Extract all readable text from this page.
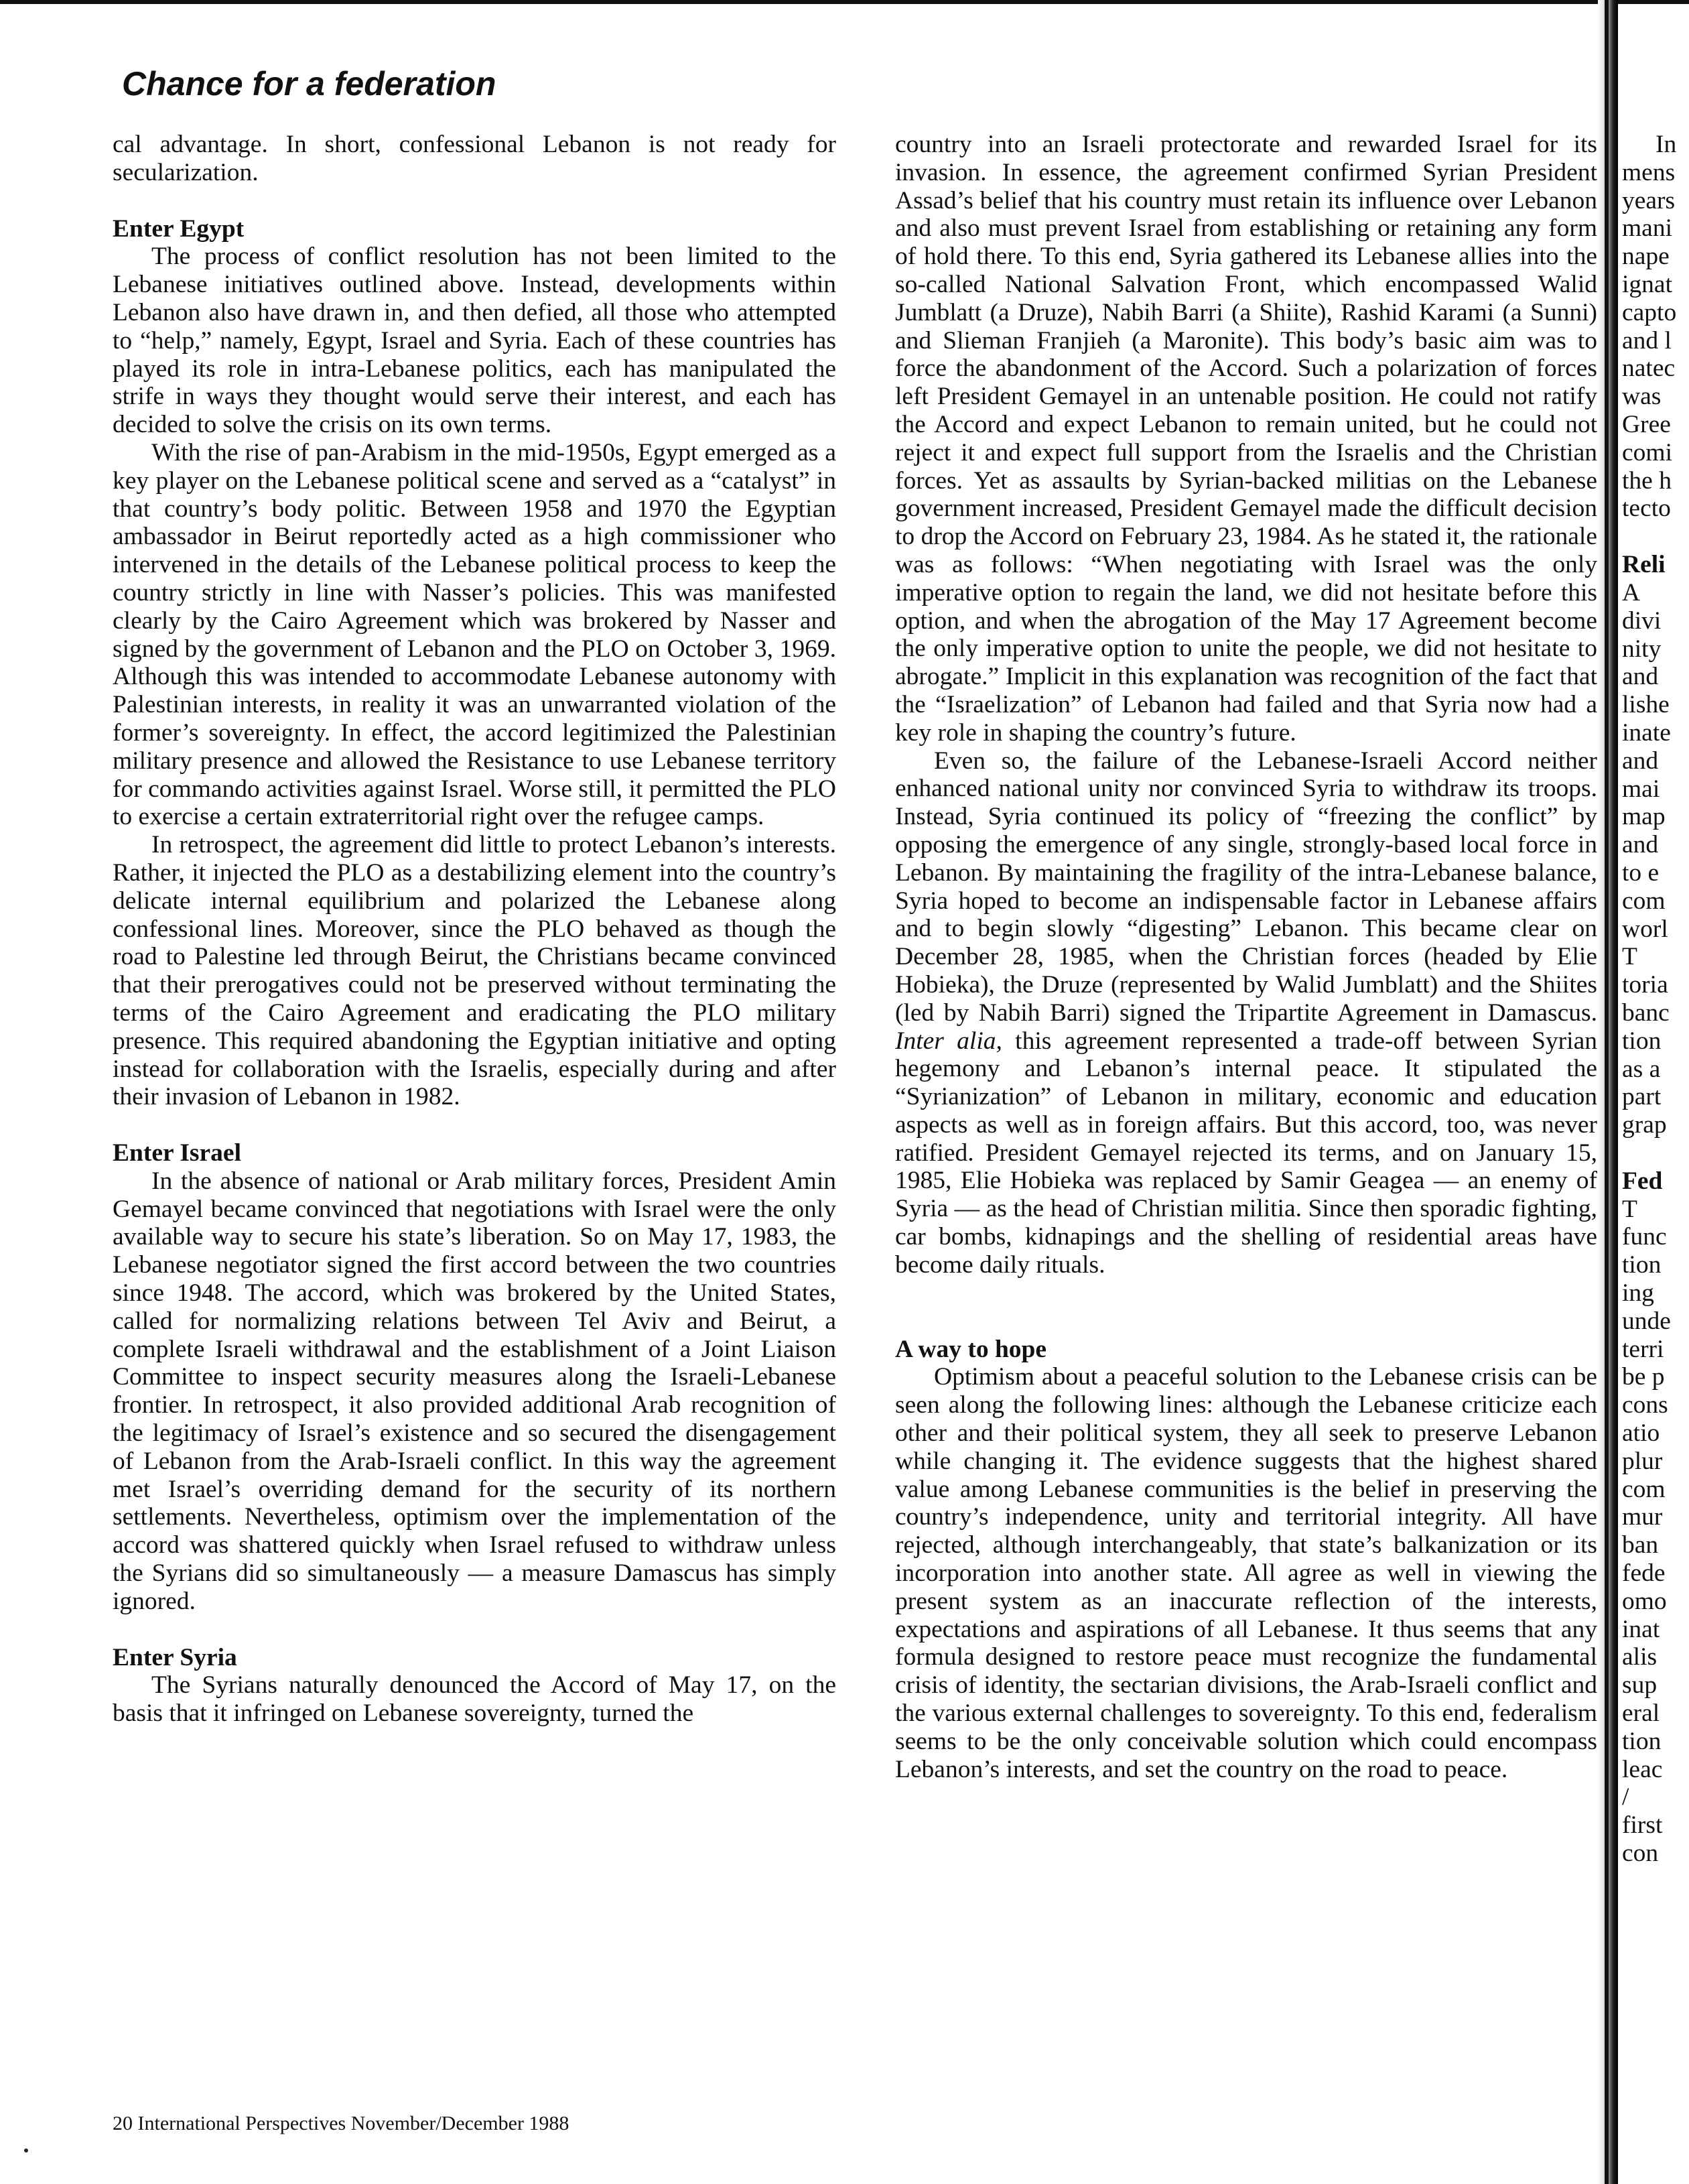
Chance for a federation

cal advantage. In short, confessional Lebanon is not ready for secularization.

Enter Egypt

The process of conflict resolution has not been limited to the Lebanese initiatives outlined above. Instead, developments within Lebanon also have drawn in, and then defied, all those who attempted to “help,” namely, Egypt, Israel and Syria. Each of these countries has played its role in intra-Lebanese politics, each has manipulated the strife in ways they thought would serve their interest, and each has decided to solve the crisis on its own terms.

With the rise of pan-Arabism in the mid-1950s, Egypt emerged as a key player on the Lebanese political scene and served as a “catalyst” in that country’s body politic. Between 1958 and 1970 the Egyptian ambassador in Beirut reportedly acted as a high commissioner who intervened in the details of the Lebanese political process to keep the country strictly in line with Nasser’s policies. This was manifested clearly by the Cairo Agreement which was brokered by Nasser and signed by the government of Lebanon and the PLO on October 3, 1969. Although this was intended to accommodate Lebanese autonomy with Palestinian interests, in reality it was an unwarranted violation of the former’s sovereignty. In effect, the accord legitimized the Palestinian military presence and allowed the Resistance to use Lebanese territory for commando activities against Israel. Worse still, it permitted the PLO to exercise a certain extraterritorial right over the refugee camps.

In retrospect, the agreement did little to protect Lebanon’s interests. Rather, it injected the PLO as a destabilizing element into the country’s delicate internal equilibrium and polarized the Lebanese along confessional lines. Moreover, since the PLO behaved as though the road to Palestine led through Beirut, the Christians became convinced that their prerogatives could not be preserved without terminating the terms of the Cairo Agreement and eradicating the PLO military presence. This required abandoning the Egyptian initiative and opting instead for collaboration with the Israelis, especially during and after their invasion of Lebanon in 1982.

Enter Israel

In the absence of national or Arab military forces, President Amin Gemayel became convinced that negotiations with Israel were the only available way to secure his state’s liberation. So on May 17, 1983, the Lebanese negotiator signed the first accord between the two countries since 1948. The accord, which was brokered by the United States, called for normalizing relations between Tel Aviv and Beirut, a complete Israeli withdrawal and the establishment of a Joint Liaison Committee to inspect security measures along the Israeli-Lebanese frontier. In retrospect, it also provided additional Arab recognition of the legitimacy of Israel’s existence and so secured the disengagement of Lebanon from the Arab-Israeli conflict. In this way the agreement met Israel’s overriding demand for the security of its northern settlements. Nevertheless, optimism over the implementation of the accord was shattered quickly when Israel refused to withdraw unless the Syrians did so simultaneously — a measure Damascus has simply ignored.

Enter Syria

The Syrians naturally denounced the Accord of May 17, on the basis that it infringed on Lebanese sovereignty, turned the

country into an Israeli protectorate and rewarded Israel for its invasion. In essence, the agreement confirmed Syrian President Assad’s belief that his country must retain its influence over Lebanon and also must prevent Israel from establishing or retaining any form of hold there. To this end, Syria gathered its Lebanese allies into the so-called National Salvation Front, which encompassed Walid Jumblatt (a Druze), Nabih Barri (a Shiite), Rashid Karami (a Sunni) and Slieman Franjieh (a Maronite). This body’s basic aim was to force the abandonment of the Accord. Such a polarization of forces left President Gemayel in an untenable position. He could not ratify the Accord and expect Lebanon to remain united, but he could not reject it and expect full support from the Israelis and the Christian forces. Yet as assaults by Syrian-backed militias on the Lebanese government increased, President Gemayel made the difficult decision to drop the Accord on February 23, 1984. As he stated it, the rationale was as follows: “When negotiating with Israel was the only imperative option to regain the land, we did not hesitate before this option, and when the abrogation of the May 17 Agreement become the only imperative option to unite the people, we did not hesitate to abrogate.” Implicit in this explanation was recognition of the fact that the “Israelization” of Lebanon had failed and that Syria now had a key role in shaping the country’s future.

Even so, the failure of the Lebanese-Israeli Accord neither enhanced national unity nor convinced Syria to withdraw its troops. Instead, Syria continued its policy of “freezing the conflict” by opposing the emergence of any single, strongly-based local force in Lebanon. By maintaining the fragility of the intra-Lebanese balance, Syria hoped to become an indispensable factor in Lebanese affairs and to begin slowly “digesting” Lebanon. This became clear on December 28, 1985, when the Christian forces (headed by Elie Hobieka), the Druze (represented by Walid Jumblatt) and the Shiites (led by Nabih Barri) signed the Tripartite Agreement in Damascus. Inter alia, this agreement represented a trade-off between Syrian hegemony and Lebanon’s internal peace. It stipulated the “Syrianization” of Lebanon in military, economic and education aspects as well as in foreign affairs. But this accord, too, was never ratified. President Gemayel rejected its terms, and on January 15, 1985, Elie Hobieka was replaced by Samir Geagea — an enemy of Syria — as the head of Christian militia. Since then sporadic fighting, car bombs, kidnapings and the shelling of residential areas have become daily rituals.

A way to hope

Optimism about a peaceful solution to the Lebanese crisis can be seen along the following lines: although the Lebanese criticize each other and their political system, they all seek to preserve Lebanon while changing it. The evidence suggests that the highest shared value among Lebanese communities is the belief in preserving the country’s independence, unity and territorial integrity. All have rejected, although interchangeably, that state’s balkanization or its incorporation into another state. All agree as well in viewing the present system as an inaccurate reflection of the interests, expectations and aspirations of all Lebanese. It thus seems that any formula designed to restore peace must recognize the fundamental crisis of identity, the sectarian divisions, the Arab-Israeli conflict and the various external challenges to sovereignty. To this end, federalism seems to be the only conceivable solution which could encompass Lebanon’s interests, and set the country on the road to peace.

In
mens
years
mani
nape
ignat
capto
and l
natec
was
Gree
comi
the h
tecto
Reli
A
divi
nity
and
lishe
inate
and
mai
map
and
to e
com
worl
T
toria
banc
tion
as a
part
grap
Fed
T
func
tion
ing
unde
terri
be p
cons
atio
plur
com
mur
ban
fede
omo
inat
alis
sup
eral
tion
leac
/
first
con

20 International Perspectives November/December 1988
